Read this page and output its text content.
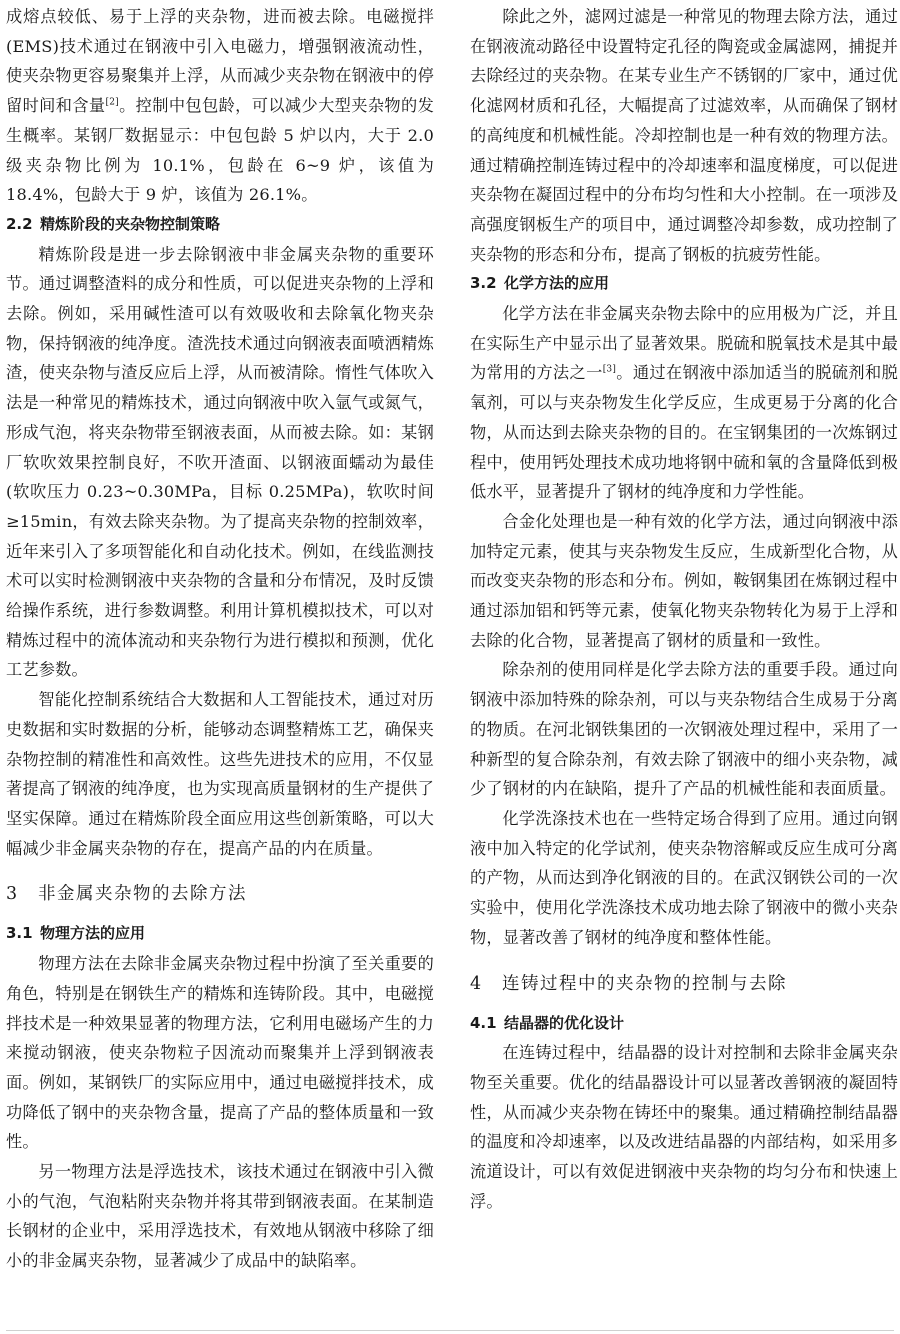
成熔点较低、易于上浮的夹杂物，进而被去除。电磁搅拌(EMS)技术通过在钢液中引入电磁力，增强钢液流动性，使夹杂物更容易聚集并上浮，从而减少夹杂物在钢液中的停留时间和含量[2]。控制中包包龄，可以减少大型夹杂物的发生概率。某钢厂数据显示：中包包龄 5 炉以内，大于 2.0 级夹杂物比例为 10.1%，包龄在 6~9 炉，该值为 18.4%，包龄大于 9 炉，该值为 26.1%。

2.2 精炼阶段的夹杂物控制策略

精炼阶段是进一步去除钢液中非金属夹杂物的重要环节。通过调整渣料的成分和性质，可以促进夹杂物的上浮和去除。例如，采用碱性渣可以有效吸收和去除氧化物夹杂物，保持钢液的纯净度。渣洗技术通过向钢液表面喷洒精炼渣，使夹杂物与渣反应后上浮，从而被清除。惰性气体吹入法是一种常见的精炼技术，通过向钢液中吹入氩气或氮气，形成气泡，将夹杂物带至钢液表面，从而被去除。如：某钢厂软吹效果控制良好，不吹开渣面、以钢液面蠕动为最佳(软吹压力 0.23~0.30MPa，目标 0.25MPa)，软吹时间≥15min，有效去除夹杂物。为了提高夹杂物的控制效率，近年来引入了多项智能化和自动化技术。例如，在线监测技术可以实时检测钢液中夹杂物的含量和分布情况，及时反馈给操作系统，进行参数调整。利用计算机模拟技术，可以对精炼过程中的流体流动和夹杂物行为进行模拟和预测，优化工艺参数。

智能化控制系统结合大数据和人工智能技术，通过对历史数据和实时数据的分析，能够动态调整精炼工艺，确保夹杂物控制的精准性和高效性。这些先进技术的应用，不仅显著提高了钢液的纯净度，也为实现高质量钢材的生产提供了坚实保障。通过在精炼阶段全面应用这些创新策略，可以大幅减少非金属夹杂物的存在，提高产品的内在质量。

3 非金属夹杂物的去除方法
3.1 物理方法的应用

物理方法在去除非金属夹杂物过程中扮演了至关重要的角色，特别是在钢铁生产的精炼和连铸阶段。其中，电磁搅拌技术是一种效果显著的物理方法，它利用电磁场产生的力来搅动钢液，使夹杂物粒子因流动而聚集并上浮到钢液表面。例如，某钢铁厂的实际应用中，通过电磁搅拌技术，成功降低了钢中的夹杂物含量，提高了产品的整体质量和一致性。

另一物理方法是浮选技术，该技术通过在钢液中引入微小的气泡，气泡粘附夹杂物并将其带到钢液表面。在某制造长钢材的企业中，采用浮选技术，有效地从钢液中移除了细小的非金属夹杂物，显著减少了成品中的缺陷率。

除此之外，滤网过滤是一种常见的物理去除方法，通过在钢液流动路径中设置特定孔径的陶瓷或金属滤网，捕捉并去除经过的夹杂物。在某专业生产不锈钢的厂家中，通过优化滤网材质和孔径，大幅提高了过滤效率，从而确保了钢材的高纯度和机械性能。冷却控制也是一种有效的物理方法。通过精确控制连铸过程中的冷却速率和温度梯度，可以促进夹杂物在凝固过程中的分布均匀性和大小控制。在一项涉及高强度钢板生产的项目中，通过调整冷却参数，成功控制了夹杂物的形态和分布，提高了钢板的抗疲劳性能。

3.2 化学方法的应用

化学方法在非金属夹杂物去除中的应用极为广泛，并且在实际生产中显示出了显著效果。脱硫和脱氧技术是其中最为常用的方法之一[3]。通过在钢液中添加适当的脱硫剂和脱氧剂，可以与夹杂物发生化学反应，生成更易于分离的化合物，从而达到去除夹杂物的目的。在宝钢集团的一次炼钢过程中，使用钙处理技术成功地将钢中硫和氧的含量降低到极低水平，显著提升了钢材的纯净度和力学性能。

合金化处理也是一种有效的化学方法，通过向钢液中添加特定元素，使其与夹杂物发生反应，生成新型化合物，从而改变夹杂物的形态和分布。例如，鞍钢集团在炼钢过程中通过添加铝和钙等元素，使氧化物夹杂物转化为易于上浮和去除的化合物，显著提高了钢材的质量和一致性。

除杂剂的使用同样是化学去除方法的重要手段。通过向钢液中添加特殊的除杂剂，可以与夹杂物结合生成易于分离的物质。在河北钢铁集团的一次钢液处理过程中，采用了一种新型的复合除杂剂，有效去除了钢液中的细小夹杂物，减少了钢材的内在缺陷，提升了产品的机械性能和表面质量。

化学洗涤技术也在一些特定场合得到了应用。通过向钢液中加入特定的化学试剂，使夹杂物溶解或反应生成可分离的产物，从而达到净化钢液的目的。在武汉钢铁公司的一次实验中，使用化学洗涤技术成功地去除了钢液中的微小夹杂物，显著改善了钢材的纯净度和整体性能。

4 连铸过程中的夹杂物的控制与去除
4.1 结晶器的优化设计

在连铸过程中，结晶器的设计对控制和去除非金属夹杂物至关重要。优化的结晶器设计可以显著改善钢液的凝固特性，从而减少夹杂物在铸坯中的聚集。通过精确控制结晶器的温度和冷却速率，以及改进结晶器的内部结构，如采用多流道设计，可以有效促进钢液中夹杂物的均匀分布和快速上浮。
